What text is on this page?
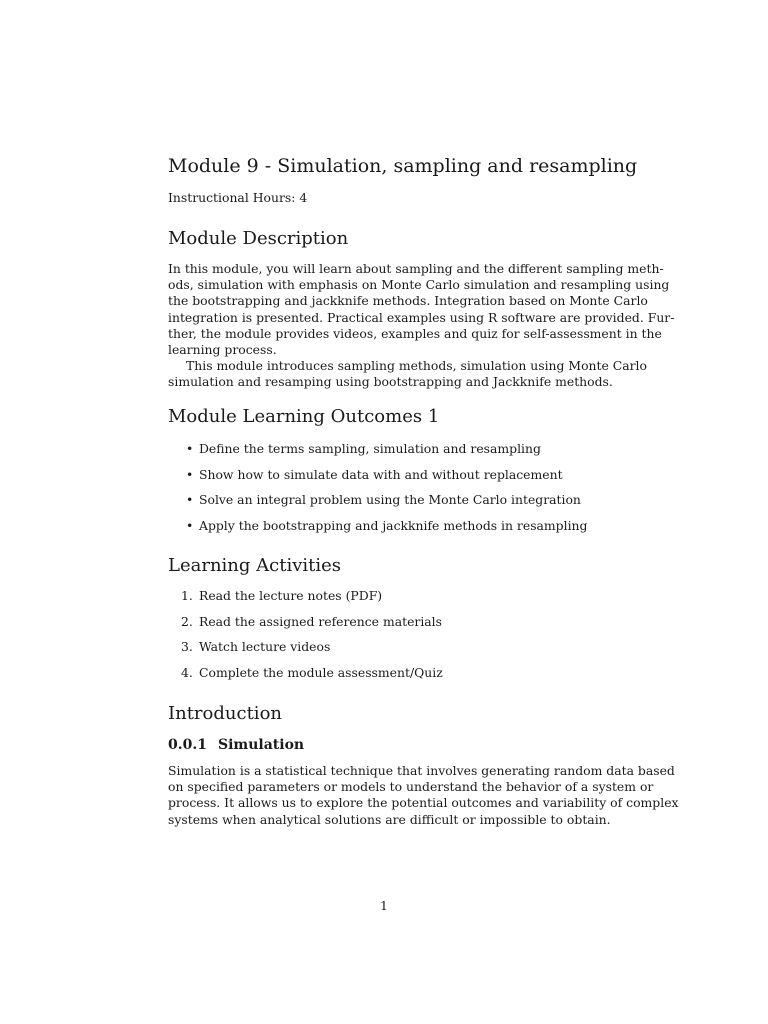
Module 9 - Simulation, sampling and resampling
Instructional Hours: 4
Module Description
In this module, you will learn about sampling and the different sampling meth-
ods, simulation with emphasis on Monte Carlo simulation and resampling using
the bootstrapping and jackknife methods. Integration based on Monte Carlo
integration is presented. Practical examples using R software are provided. Fur-
ther, the module provides videos, examples and quiz for self-assessment in the
learning process.
This module introduces sampling methods, simulation using Monte Carlo
simulation and resamping using bootstrapping and Jackknife methods.
Module Learning Outcomes 1
• Define the terms sampling, simulation and resampling
• Show how to simulate data with and without replacement
• Solve an integral problem using the Monte Carlo integration
• Apply the bootstrapping and jackknife methods in resampling
Learning Activities
1. Read the lecture notes (PDF)
2. Read the assigned reference materials
3. Watch lecture videos
4. Complete the module assessment/Quiz
Introduction
0.0.1 Simulation
Simulation is a statistical technique that involves generating random data based
on specified parameters or models to understand the behavior of a system or
process. It allows us to explore the potential outcomes and variability of complex
systems when analytical solutions are difficult or impossible to obtain.
1
